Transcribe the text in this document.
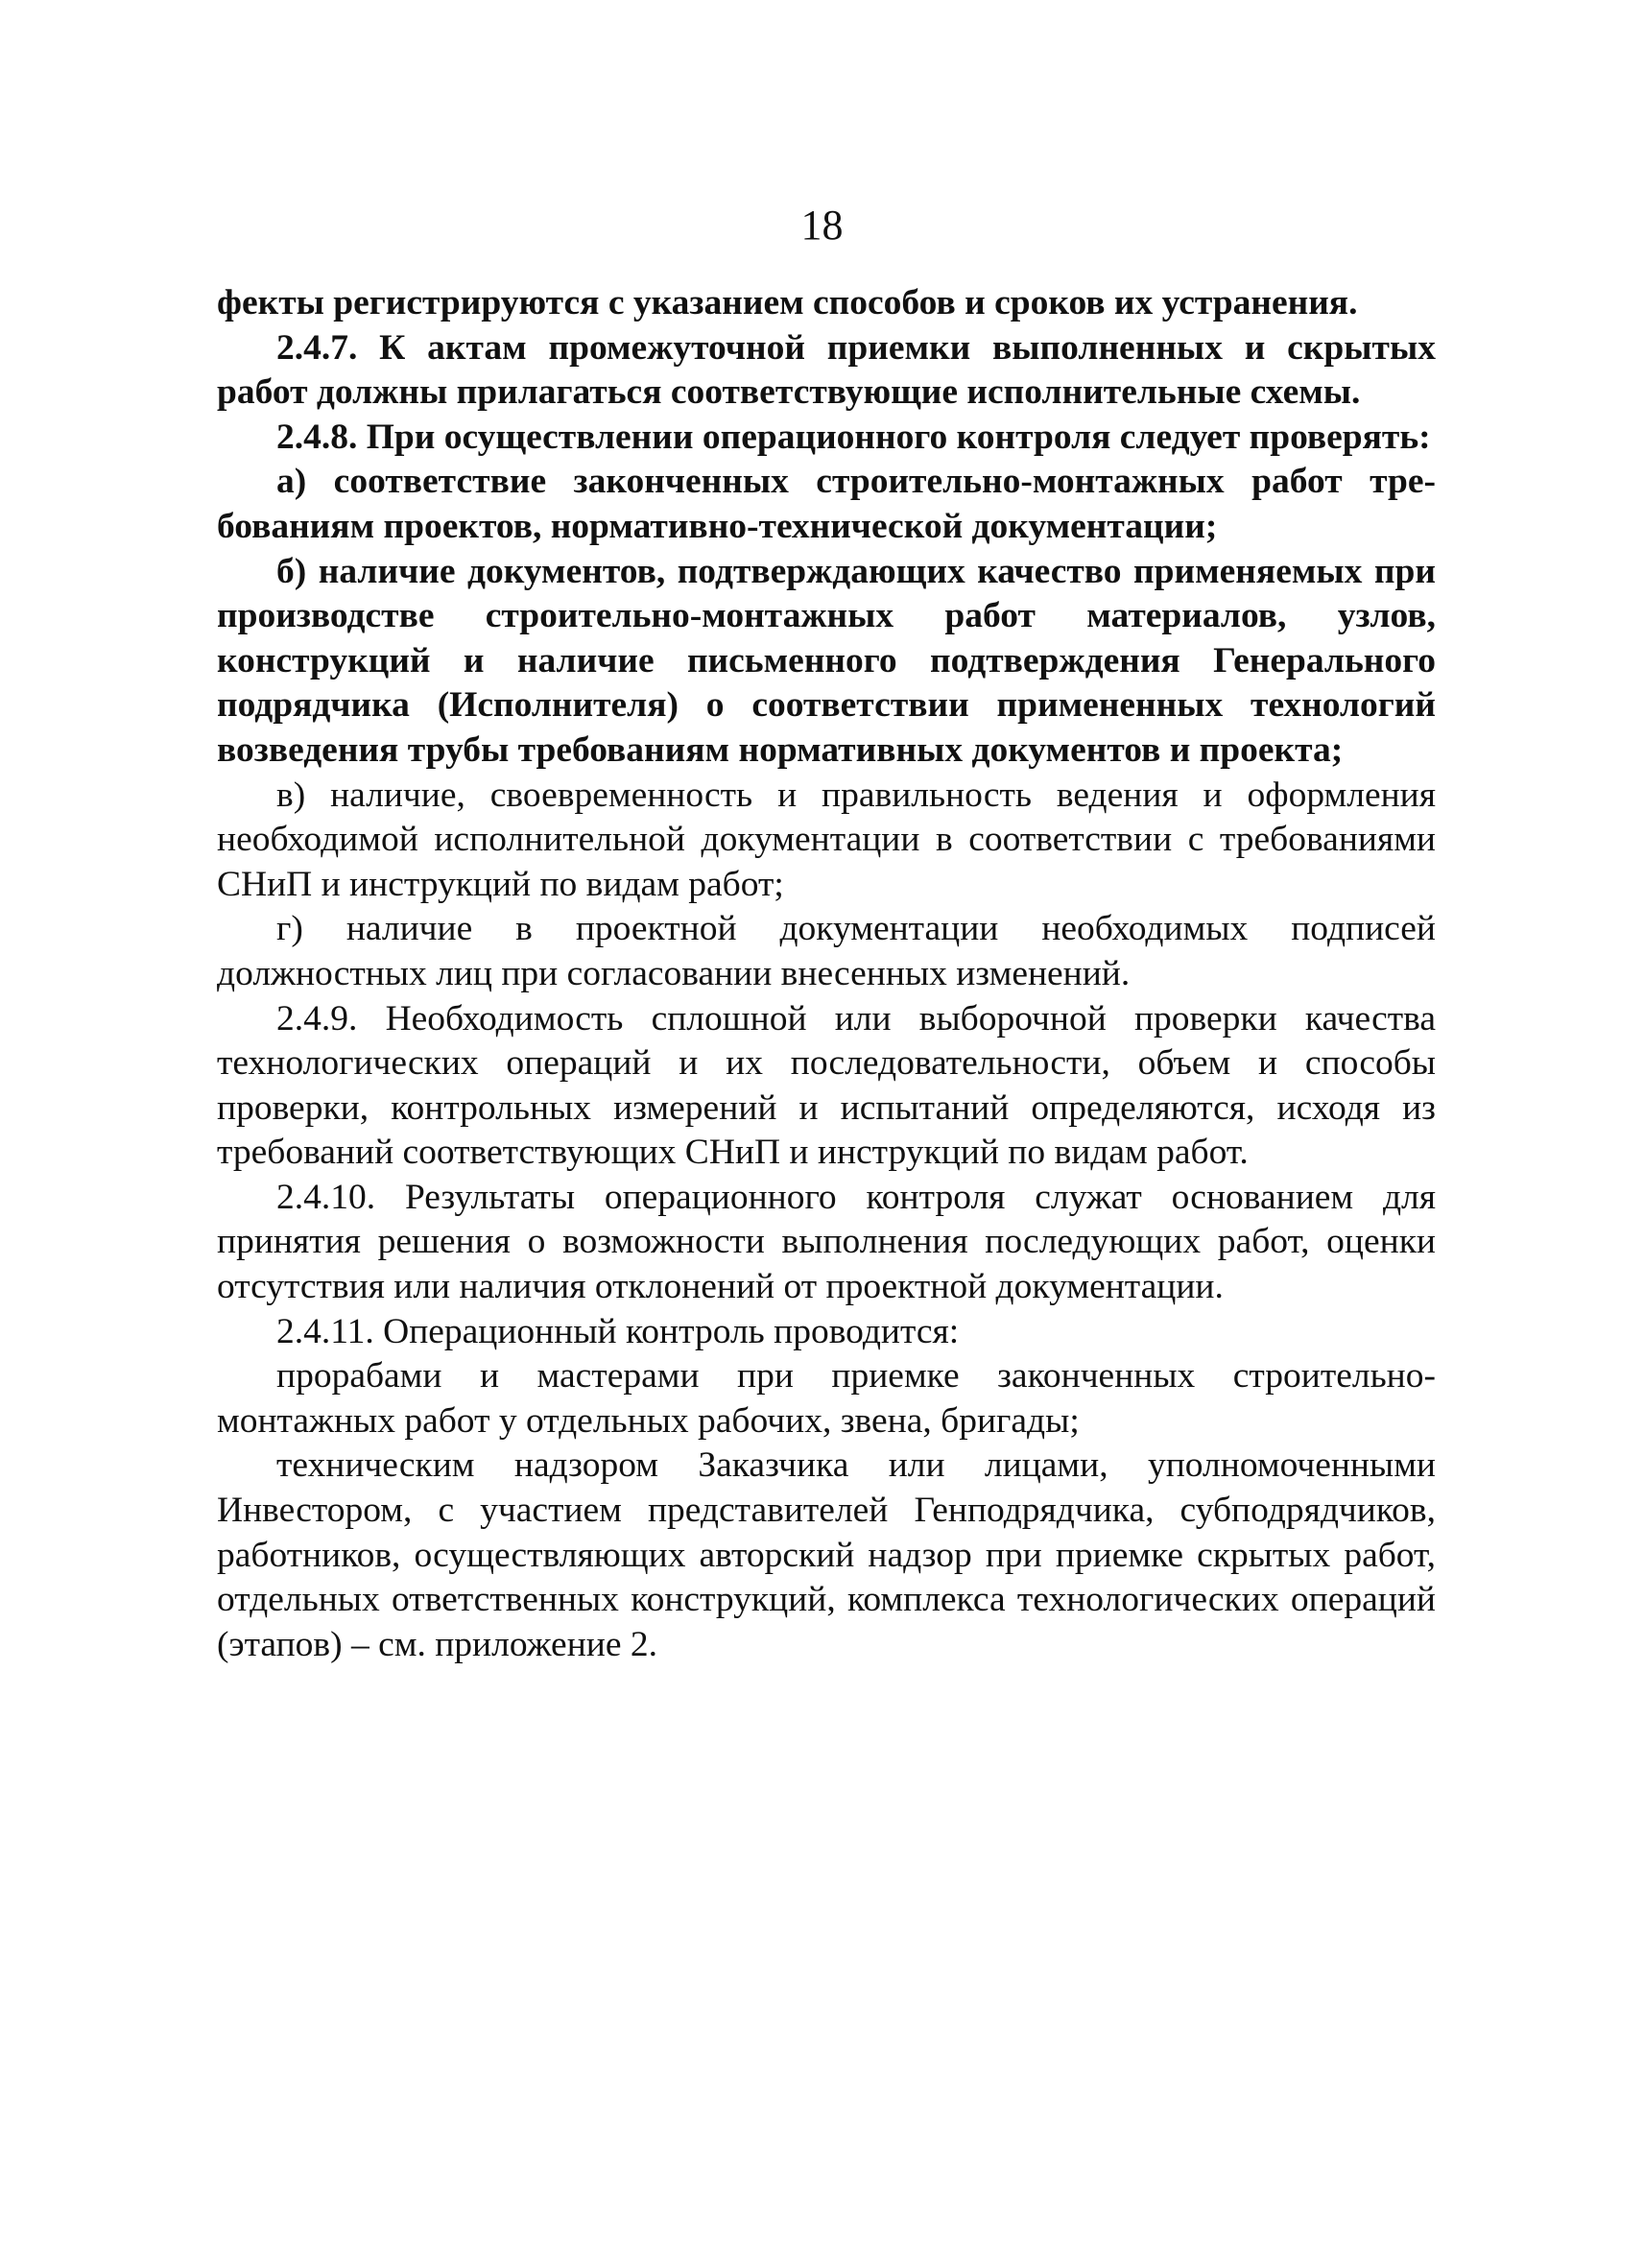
18

фекты регистрируются с указанием способов и сроков их устранения.

2.4.7. К актам промежуточной приемки выполненных и скрытых работ должны прилагаться соответствующие исполнительные схемы.

2.4.8. При осуществлении операционного контроля следует проверять:

а) соответствие законченных строительно-монтажных работ требованиям проектов, нормативно-технической документации;

б) наличие документов, подтверждающих качество применяемых при производстве строительно-монтажных работ материалов, узлов, конструкций и наличие письменного подтверждения Генерального подрядчика (Исполнителя) о соответствии примененных технологий возведения трубы требованиям нормативных документов и проекта;

в) наличие, своевременность и правильность ведения и оформления необходимой исполнительной документации в соответствии с требованиями СНиП и инструкций по видам работ;

г) наличие в проектной документации необходимых подписей должностных лиц при согласовании внесенных изменений.

2.4.9. Необходимость сплошной или выборочной проверки качества технологических операций и их последовательности, объем и способы проверки, контрольных измерений и испытаний определяются, исходя из требований соответствующих СНиП и инструкций по видам работ.

2.4.10. Результаты операционного контроля служат основанием для принятия решения о возможности выполнения последующих работ, оценки отсутствия или наличия отклонений от проектной документации.

2.4.11. Операционный контроль проводится:

прорабами и мастерами при приемке законченных строительно-монтажных работ у отдельных рабочих, звена, бригады;

техническим надзором Заказчика или лицами, уполномоченными Инвестором, с участием представителей Генподрядчика, субподрядчиков, работников, осуществляющих авторский надзор при приемке скрытых работ, отдельных ответственных конструкций, комплекса технологических операций (этапов) – см. приложение 2.
